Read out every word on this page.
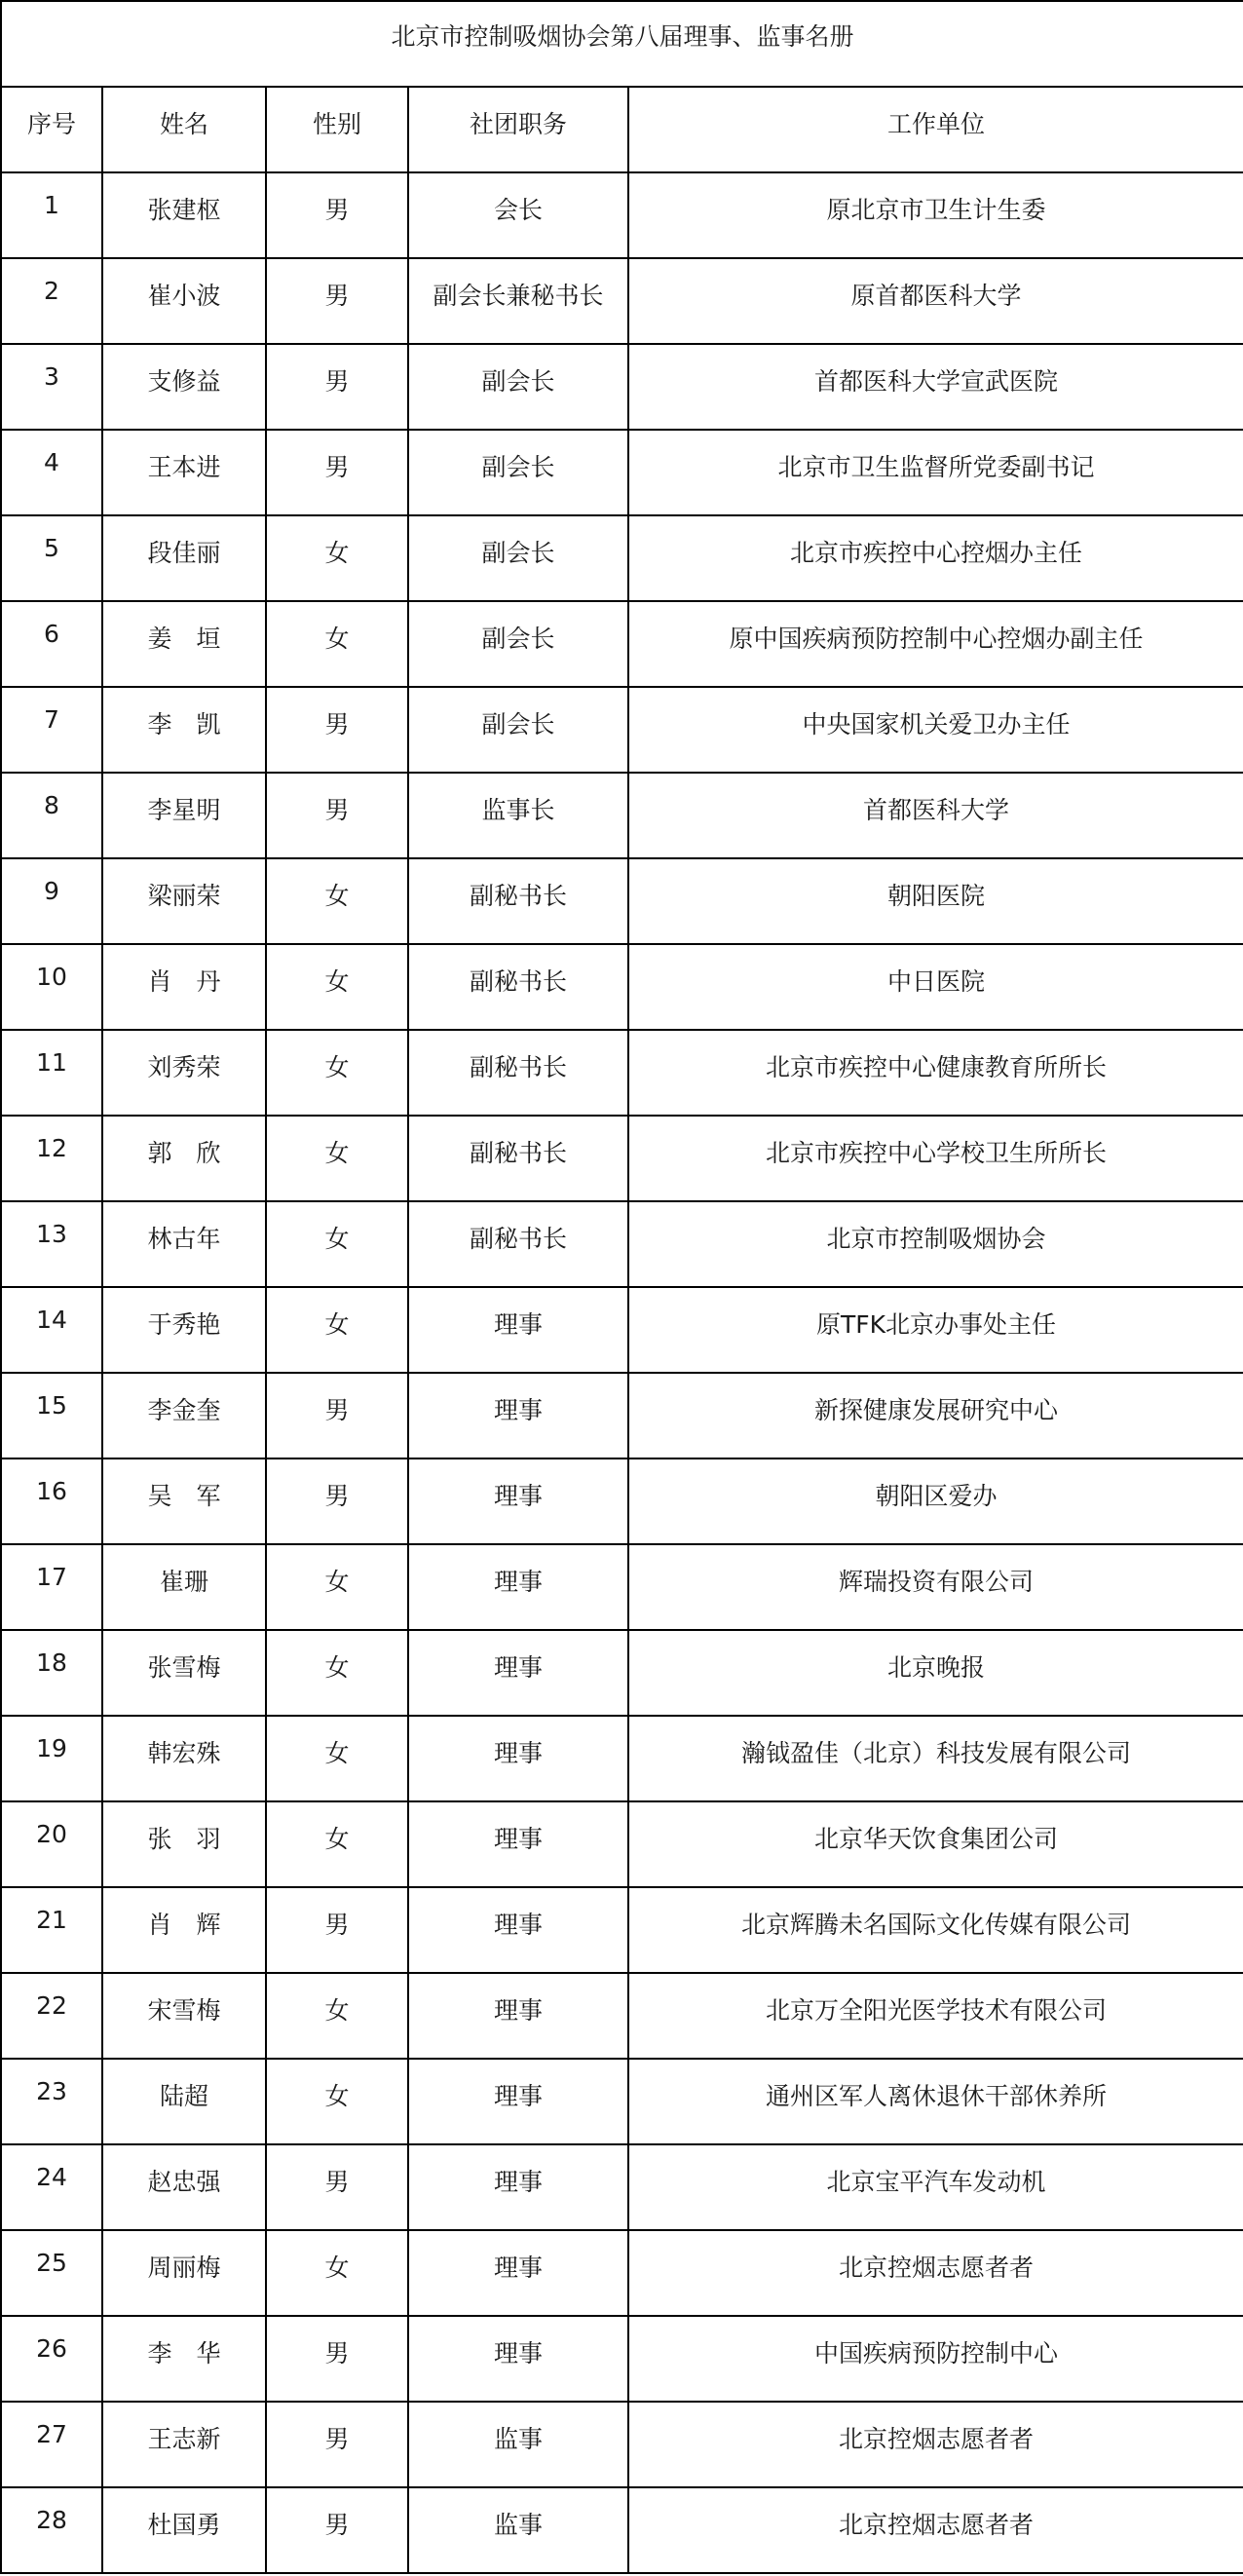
北京市控制吸烟协会第八届理事、监事名册				
序号	姓名	性别	社团职务	工作单位
1	张建枢	男	会长	原北京市卫生计生委
2	崔小波	男	副会长兼秘书长	原首都医科大学
3	支修益	男	副会长	首都医科大学宣武医院
4	王本进	男	副会长	北京市卫生监督所党委副书记
5	段佳丽	女	副会长	北京市疾控中心控烟办主任
6	姜　垣	女	副会长	原中国疾病预防控制中心控烟办副主任
7	李　凯	男	副会长	中央国家机关爱卫办主任
8	李星明	男	监事长	首都医科大学
9	梁丽荣	女	副秘书长	朝阳医院
10	肖　丹	女	副秘书长	中日医院
11	刘秀荣	女	副秘书长	北京市疾控中心健康教育所所长
12	郭　欣	女	副秘书长	北京市疾控中心学校卫生所所长
13	林古年	女	副秘书长	北京市控制吸烟协会
14	于秀艳	女	理事	原TFK北京办事处主任
15	李金奎	男	理事	新探健康发展研究中心
16	吴　军	男	理事	朝阳区爱办
17	崔珊	女	理事	辉瑞投资有限公司
18	张雪梅	女	理事	北京晚报
19	韩宏殊	女	理事	瀚钺盈佳（北京）科技发展有限公司
20	张　羽	女	理事	北京华天饮食集团公司
21	肖　辉	男	理事	北京辉腾未名国际文化传媒有限公司
22	宋雪梅	女	理事	北京万全阳光医学技术有限公司
23	陆超	女	理事	通州区军人离休退休干部休养所
24	赵忠强	男	理事	北京宝平汽车发动机
25	周丽梅	女	理事	北京控烟志愿者者
26	李　华	男	理事	中国疾病预防控制中心
27	王志新	男	监事	北京控烟志愿者者
28	杜国勇	男	监事	北京控烟志愿者者
